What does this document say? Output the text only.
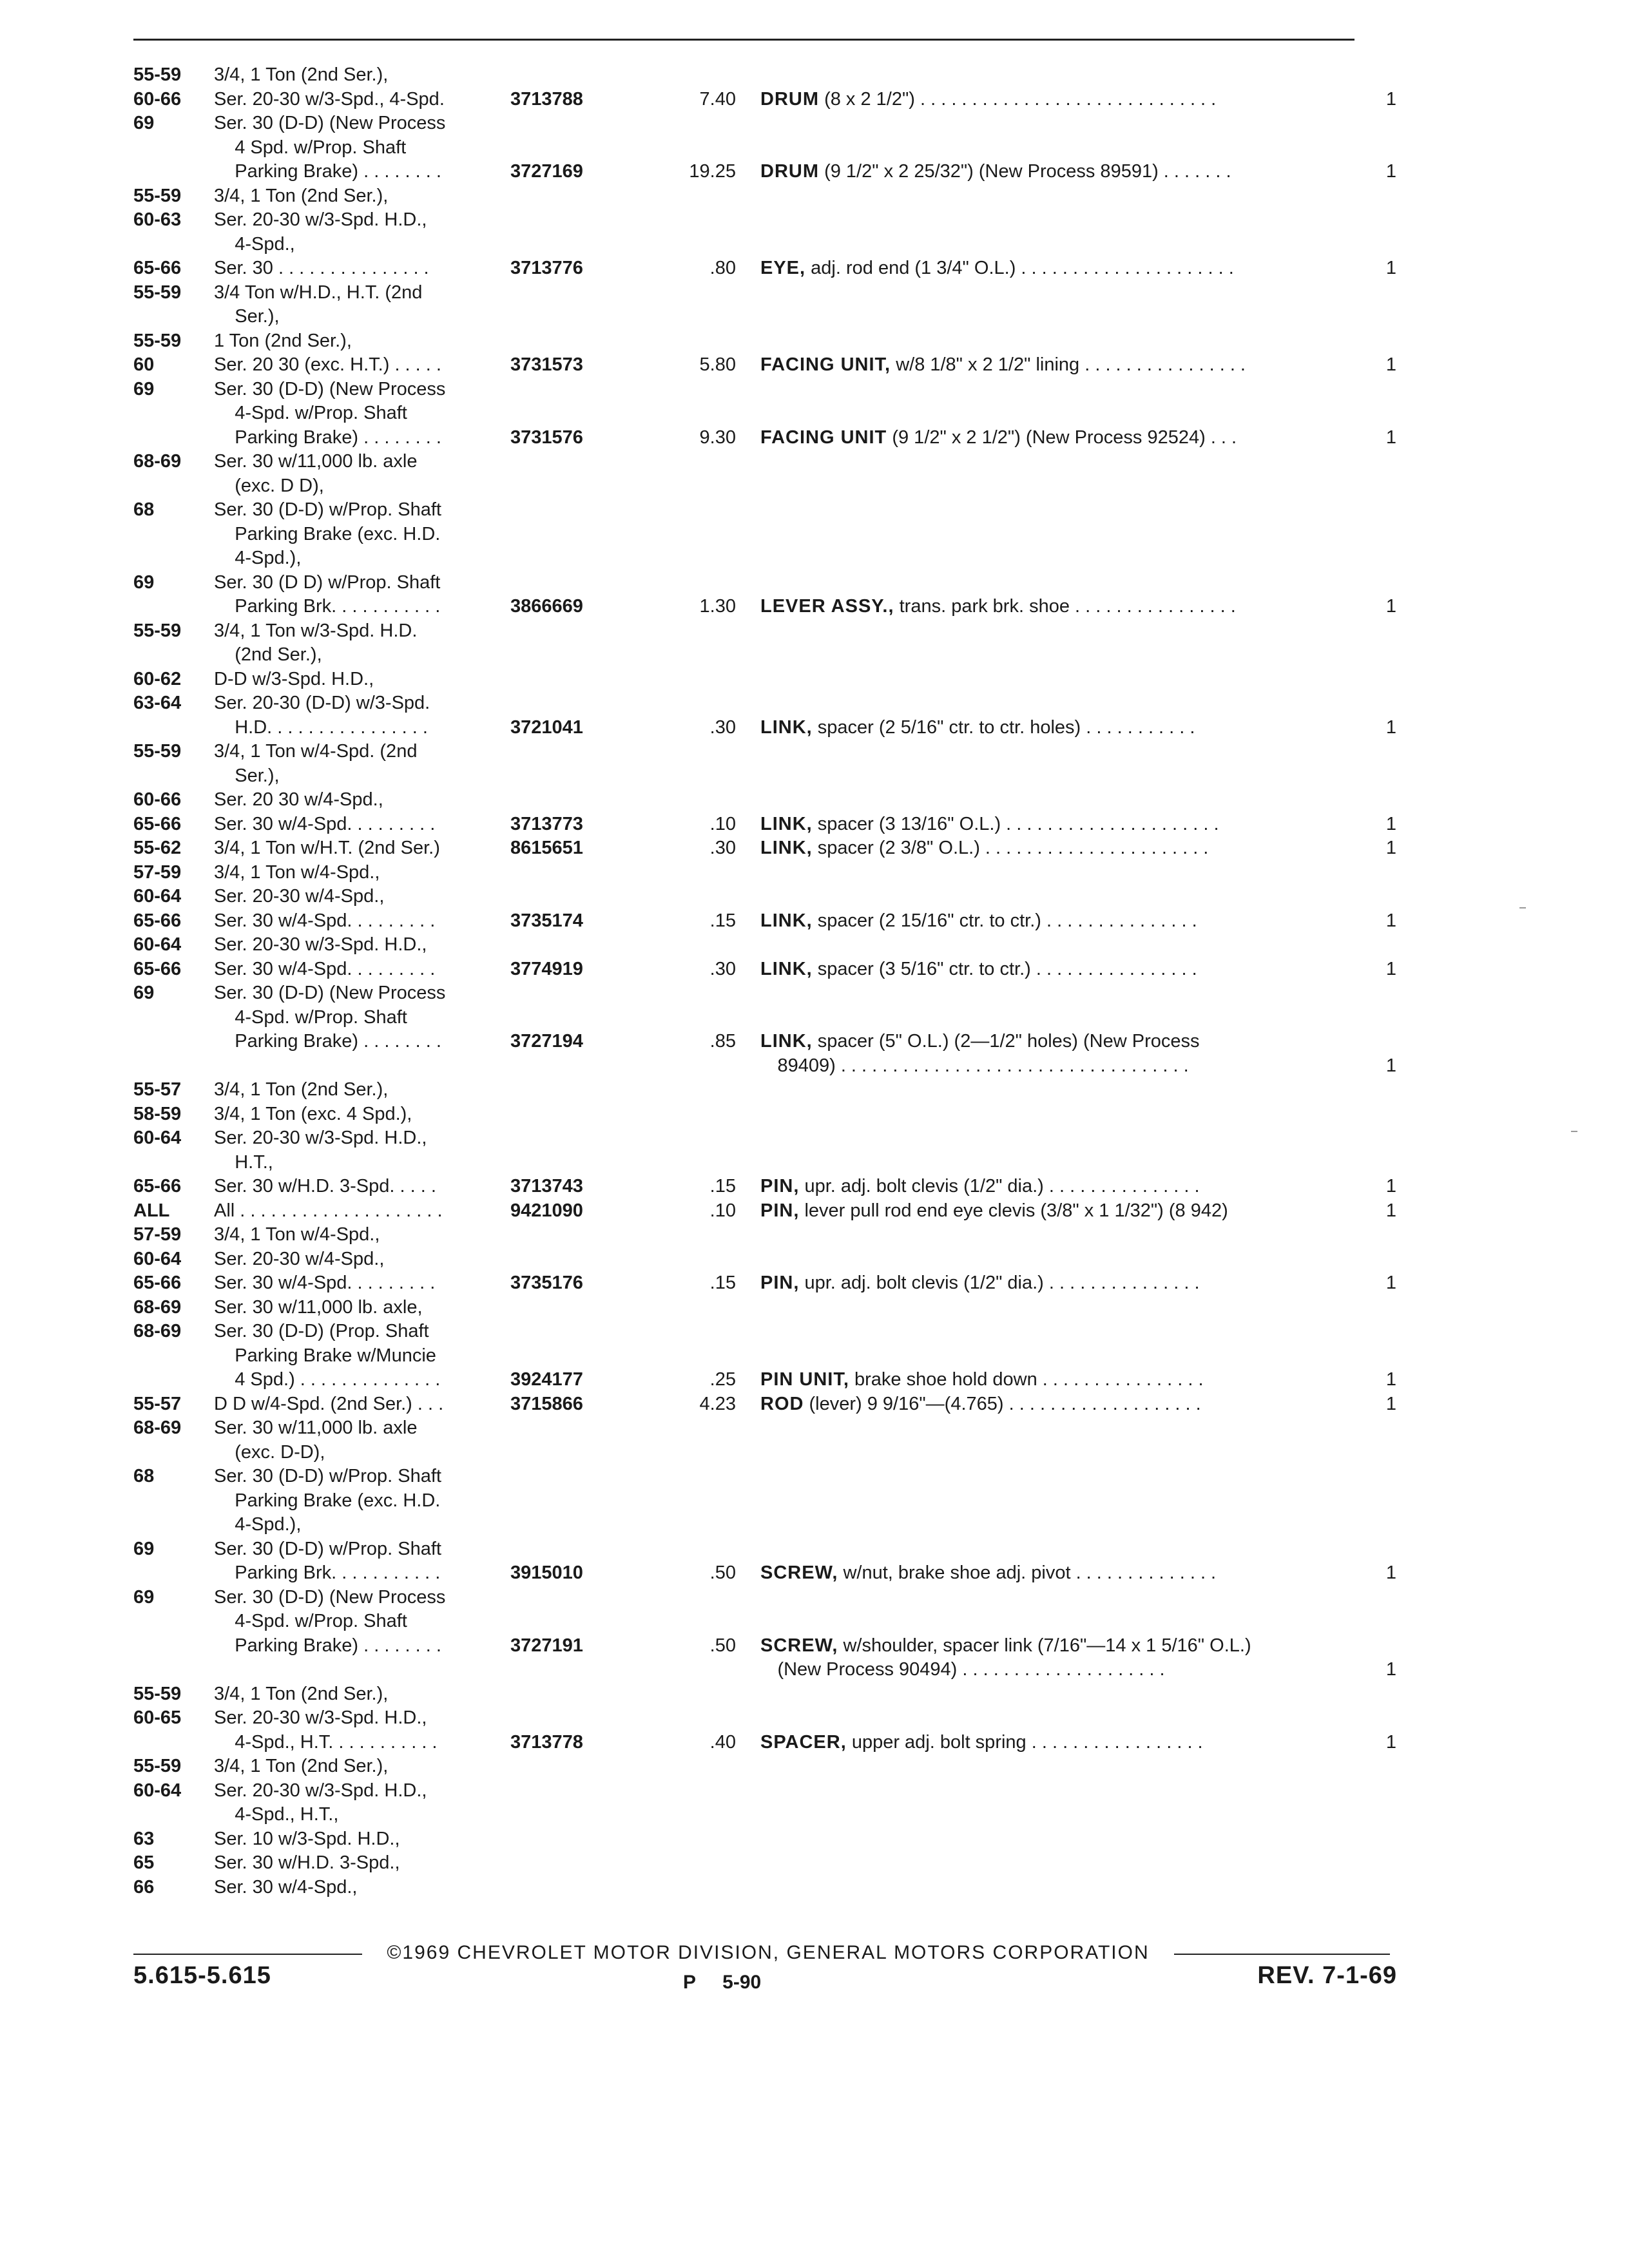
55-59	3/4, 1 Ton (2nd Ser.),
60-66	Ser. 20-30 w/3-Spd., 4-Spd.	3713788	7.40	DRUM (8 x 2 1/2") . . . . . . . . . . . . . . . . . . . . . . . . . . . . .	1
69	Ser. 30 (D-D) (New Process
4 Spd. w/Prop. Shaft
Parking Brake) . . . . . . . .	3727169	19.25	DRUM (9 1/2" x 2 25/32") (New Process 89591) . . . . . . .	1
55-59	3/4, 1 Ton (2nd Ser.),
60-63	Ser. 20-30 w/3-Spd. H.D.,
4-Spd.,
65-66	Ser. 30 . . . . . . . . . . . . . . .	3713776	.80	EYE, adj. rod end (1 3/4" O.L.) . . . . . . . . . . . . . . . . . . . . .	1
55-59	3/4 Ton w/H.D., H.T. (2nd
Ser.),
55-59	1 Ton (2nd Ser.),
60	Ser. 20 30 (exc. H.T.) . . . . .	3731573	5.80	FACING UNIT, w/8 1/8" x 2 1/2" lining . . . . . . . . . . . . . . . .	1
69	Ser. 30 (D-D) (New Process
4-Spd. w/Prop. Shaft
Parking Brake) . . . . . . . .	3731576	9.30	FACING UNIT (9 1/2" x 2 1/2") (New Process 92524) . . .	1
68-69	Ser. 30 w/11,000 lb. axle
(exc. D D),
68	Ser. 30 (D-D) w/Prop. Shaft
Parking Brake (exc. H.D.
4-Spd.),
69	Ser. 30 (D D) w/Prop. Shaft
Parking Brk. . . . . . . . . . .	3866669	1.30	LEVER ASSY., trans. park brk. shoe . . . . . . . . . . . . . . . .	1
55-59	3/4, 1 Ton w/3-Spd. H.D.
(2nd Ser.),
60-62	D-D w/3-Spd. H.D.,
63-64	Ser. 20-30 (D-D) w/3-Spd.
H.D. . . . . . . . . . . . . . . .	3721041	.30	LINK, spacer (2 5/16" ctr. to ctr. holes) . . . . . . . . . . .	1
55-59	3/4, 1 Ton w/4-Spd. (2nd
Ser.),
60-66	Ser. 20 30 w/4-Spd.,
65-66	Ser. 30 w/4-Spd. . . . . . . . .	3713773	.10	LINK, spacer (3 13/16" O.L.) . . . . . . . . . . . . . . . . . . . . .	1
55-62	3/4, 1 Ton w/H.T. (2nd Ser.)	8615651	.30	LINK, spacer (2 3/8" O.L.) . . . . . . . . . . . . . . . . . . . . . .	1
57-59	3/4, 1 Ton w/4-Spd.,
60-64	Ser. 20-30 w/4-Spd.,
65-66	Ser. 30 w/4-Spd. . . . . . . . .	3735174	.15	LINK, spacer (2 15/16" ctr. to ctr.) . . . . . . . . . . . . . . .	1
60-64	Ser. 20-30 w/3-Spd. H.D.,
65-66	Ser. 30 w/4-Spd. . . . . . . . .	3774919	.30	LINK, spacer (3 5/16" ctr. to ctr.) . . . . . . . . . . . . . . . .	1
69	Ser. 30 (D-D) (New Process
4-Spd. w/Prop. Shaft
Parking Brake) . . . . . . . .	3727194	.85	LINK, spacer (5" O.L.) (2—1/2" holes) (New Process
89409) . . . . . . . . . . . . . . . . . . . . . . . . . . . . . . . . . .	1
55-57	3/4, 1 Ton (2nd Ser.),
58-59	3/4, 1 Ton (exc. 4 Spd.),
60-64	Ser. 20-30 w/3-Spd. H.D.,
H.T.,
65-66	Ser. 30 w/H.D. 3-Spd. . . . .	3713743	.15	PIN, upr. adj. bolt clevis (1/2" dia.) . . . . . . . . . . . . . . .	1
ALL	All . . . . . . . . . . . . . . . . . . . .	9421090	.10	PIN, lever pull rod end eye clevis (3/8" x 1 1/32") (8 942)	1
57-59	3/4, 1 Ton w/4-Spd.,
60-64	Ser. 20-30 w/4-Spd.,
65-66	Ser. 30 w/4-Spd. . . . . . . . .	3735176	.15	PIN, upr. adj. bolt clevis (1/2" dia.) . . . . . . . . . . . . . . .	1
68-69	Ser. 30 w/11,000 lb. axle,
68-69	Ser. 30 (D-D) (Prop. Shaft
Parking Brake w/Muncie
4 Spd.) . . . . . . . . . . . . . .	3924177	.25	PIN UNIT, brake shoe hold down . . . . . . . . . . . . . . . .	1
55-57	D D w/4-Spd. (2nd Ser.) . . .	3715866	4.23	ROD (lever) 9 9/16"—(4.765) . . . . . . . . . . . . . . . . . . .	1
68-69	Ser. 30 w/11,000 lb. axle
(exc. D-D),
68	Ser. 30 (D-D) w/Prop. Shaft
Parking Brake (exc. H.D.
4-Spd.),
69	Ser. 30 (D-D) w/Prop. Shaft
Parking Brk. . . . . . . . . . .	3915010	.50	SCREW, w/nut, brake shoe adj. pivot . . . . . . . . . . . . . .	1
69	Ser. 30 (D-D) (New Process
4-Spd. w/Prop. Shaft
Parking Brake) . . . . . . . .	3727191	.50	SCREW, w/shoulder, spacer link (7/16"—14 x 1 5/16" O.L.)
(New Process 90494) . . . . . . . . . . . . . . . . . . . .	1
55-59	3/4, 1 Ton (2nd Ser.),
60-65	Ser. 20-30 w/3-Spd. H.D.,
4-Spd., H.T. . . . . . . . . . .	3713778	.40	SPACER, upper adj. bolt spring . . . . . . . . . . . . . . . . .	1
55-59	3/4, 1 Ton (2nd Ser.),
60-64	Ser. 20-30 w/3-Spd. H.D.,
4-Spd., H.T.,
63	Ser. 10 w/3-Spd. H.D.,
65	Ser. 30 w/H.D. 3-Spd.,
66	Ser. 30 w/4-Spd.,
©1969 CHEVROLET MOTOR DIVISION, GENERAL MOTORS CORPORATION
5.615-5.615	P     5-90	REV. 7-1-69
